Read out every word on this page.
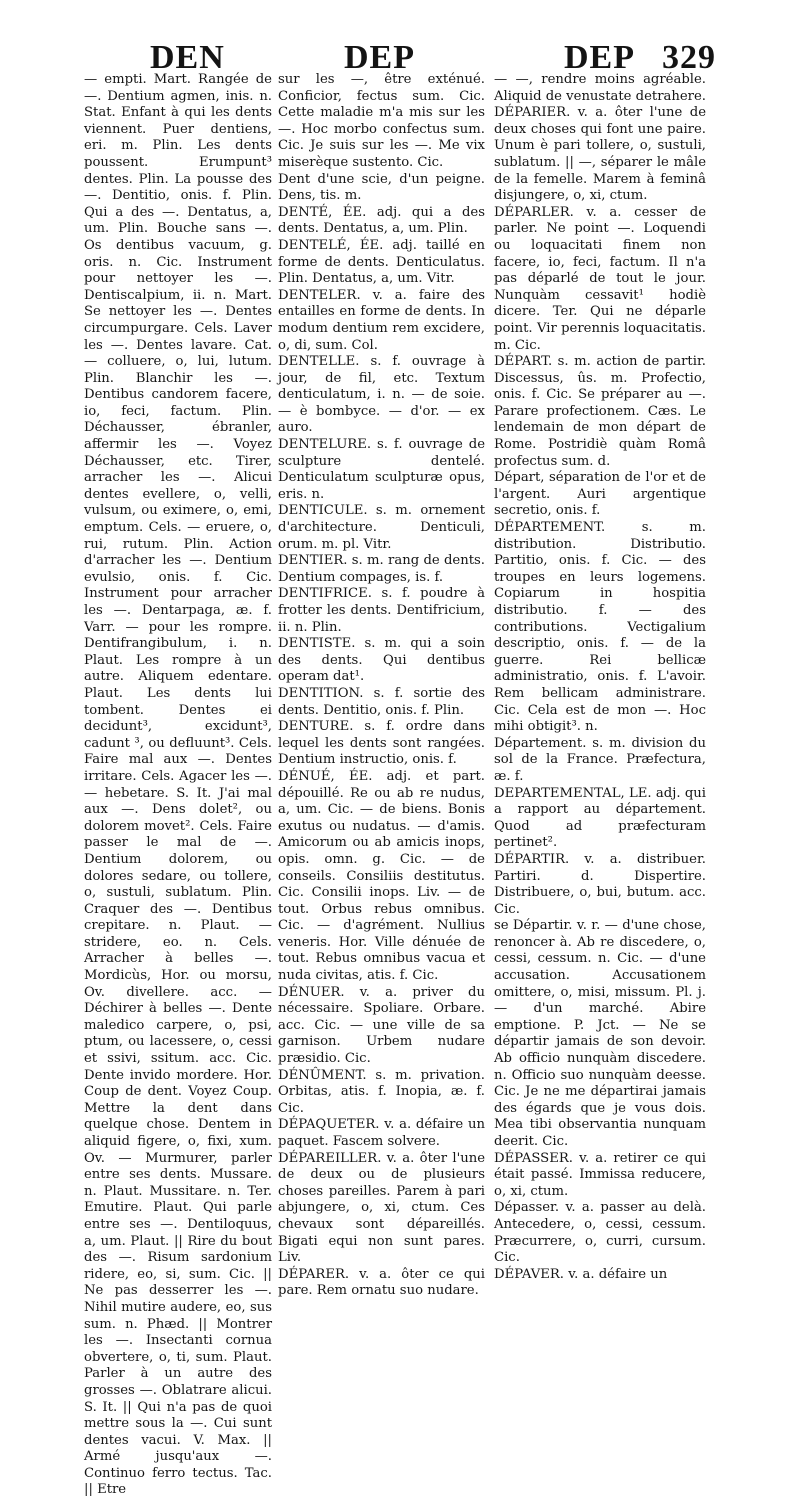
DEN	DEP	DEP 329

— empti. Mart. Rangée de —. Dentium agmen, inis. n. Stat. Enfant à qui les dents viennent. Puer dentiens, eri. m. Plin. Les dents poussent. Erumpunt³ dentes. Plin. La pousse des —. Dentitio, onis. f. Plin. Qui a des —. Dentatus, a, um. Plin. Bouche sans —. Os dentibus vacuum, g. oris. n. Cic. Instrument pour nettoyer les —. Dentiscalpium, ii. n. Mart. Se nettoyer les —. Dentes circumpurgare. Cels. Laver les —. Dentes lavare. Cat. — colluere, o, lui, lutum. Plin. Blanchir les —. Dentibus candorem facere, io, feci, factum. Plin. Déchausser, ébranler, affermir les —. Voyez Déchausser, etc. Tirer, arracher les —. Alicui dentes evellere, o, velli, vulsum, ou eximere, o, emi, emptum. Cels. — eruere, o, rui, rutum. Plin. Action d'arracher les —. Dentium evulsio, onis. f. Cic. Instrument pour arracher les —. Dentarpaga, æ. f. Varr. — pour les rompre. Dentifrangibulum, i. n. Plaut. Les rompre à un autre. Aliquem edentare. Plaut. Les dents lui tombent. Dentes ei decidunt³, excidunt³, cadunt ³, ou defluunt³. Cels. Faire mal aux —. Dentes irritare. Cels. Agacer les —. — hebetare. S. It. J'ai mal aux —. Dens dolet², ou dolorem movet². Cels. Faire passer le mal de —. Dentium dolorem, ou dolores sedare, ou tollere, o, sustuli, sublatum. Plin. Craquer des —. Dentibus crepitare. n. Plaut. — stridere, eo. n. Cels. Arracher à belles —. Mordicùs, Hor. ou morsu, Ov. divellere. acc. — Déchirer à belles —. Dente maledico carpere, o, psi, ptum, ou lacessere, o, cessi et ssivi, ssitum. acc. Cic. Dente invido mordere. Hor. Coup de dent. Voyez Coup. Mettre la dent dans quelque chose. Dentem in aliquid figere, o, fixi, xum. Ov. — Murmurer, parler entre ses dents. Mussare. n. Plaut. Mussitare. n. Ter. Emutire. Plaut. Qui parle entre ses —. Dentiloquus, a, um. Plaut. || Rire du bout des —. Risum sardonium ridere, eo, si, sum. Cic. || Ne pas desserrer les —. Nihil mutire audere, eo, sus sum. n. Phæd. || Montrer les —. Insectanti cornua obvertere, o, ti, sum. Plaut. Parler à un autre des grosses —. Oblatrare alicui. S. It. || Qui n'a pas de quoi mettre sous la —. Cui sunt dentes vacui. V. Max. || Armé jusqu'aux —. Continuo ferro tectus. Tac. || Etre

sur les —, être exténué. Conficior, fectus sum. Cic. Cette maladie m'a mis sur les —. Hoc morbo confectus sum. Cic. Je suis sur les —. Me vix miserèque sustento. Cic.

Dent d'une scie, d'un peigne. Dens, tis. m.

DENTÉ, ÉE. adj. qui a des dents. Dentatus, a, um. Plin.

DENTELÉ, ÉE. adj. taillé en forme de dents. Denticulatus. Plin. Dentatus, a, um. Vitr.

DENTELER. v. a. faire des entailles en forme de dents. In modum dentium rem excidere, o, di, sum. Col.

DENTELLE. s. f. ouvrage à jour, de fil, etc. Textum denticulatum, i. n. — de soie. — è bombyce. — d'or. — ex auro.

DENTELURE. s. f. ouvrage de sculpture dentelé. Denticulatum sculpturæ opus, eris. n.

DENTICULE. s. m. ornement d'architecture. Denticuli, orum. m. pl. Vitr.

DENTIER. s. m. rang de dents. Dentium compages, is. f.

DENTIFRICE. s. f. poudre à frotter les dents. Dentifricium, ii. n. Plin.

DENTISTE. s. m. qui a soin des dents. Qui dentibus operam dat¹.

DENTITION. s. f. sortie des dents. Dentitio, onis. f. Plin.

DENTURE. s. f. ordre dans lequel les dents sont rangées. Dentium instructio, onis. f.

DÉNUÉ, ÉE. adj. et part. dépouillé. Re ou ab re nudus, a, um. Cic. — de biens. Bonis exutus ou nudatus. — d'amis. Amicorum ou ab amicis inops, opis. omn. g. Cic. — de conseils. Consiliis destitutus. Cic. Consilii inops. Liv. — de tout. Orbus rebus omnibus. Cic. — d'agrément. Nullius veneris. Hor. Ville dénuée de tout. Rebus omnibus vacua et nuda civitas, atis. f. Cic.

DÉNUER. v. a. priver du nécessaire. Spoliare. Orbare. acc. Cic. — une ville de sa garnison. Urbem nudare præsidio. Cic.

DÉNÛMENT. s. m. privation. Orbitas, atis. f. Inopia, æ. f. Cic.

DÉPAQUETER. v. a. défaire un paquet. Fascem solvere.

DÉPAREILLER. v. a. ôter l'une de deux ou de plusieurs choses pareilles. Parem à pari abjungere, o, xi, ctum. Ces chevaux sont dépareillés. Bigati equi non sunt pares. Liv.

DÉPARER. v. a. ôter ce qui pare. Rem ornatu suo nudare.

— —, rendre moins agréable. Aliquid de venustate detrahere.

DÉPARIER. v. a. ôter l'une de deux choses qui font une paire. Unum è pari tollere, o, sustuli, sublatum. || —, séparer le mâle de la femelle. Marem à feminâ disjungere, o, xi, ctum.

DÉPARLER. v. a. cesser de parler. Ne point —. Loquendi ou loquacitati finem non facere, io, feci, factum. Il n'a pas déparlé de tout le jour. Nunquàm cessavit¹ hodiè dicere. Ter. Qui ne déparle point. Vir perennis loquacitatis. m. Cic.

DÉPART. s. m. action de partir. Discessus, ûs. m. Profectio, onis. f. Cic. Se préparer au —. Parare profectionem. Cæs. Le lendemain de mon départ de Rome. Postridiè quàm Româ profectus sum. d.

Départ, séparation de l'or et de l'argent. Auri argentique secretio, onis. f.

DÉPARTEMENT. s. m. distribution. Distributio. Partitio, onis. f. Cic. — des troupes en leurs logemens. Copiarum in hospitia distributio. f. — des contributions. Vectigalium descriptio, onis. f. — de la guerre. Rei bellicæ administratio, onis. f. L'avoir. Rem bellicam administrare. Cic. Cela est de mon —. Hoc mihi obtigit³. n.

Département. s. m. division du sol de la France. Præfectura, æ. f.

DEPARTEMENTAL, LE. adj. qui a rapport au département. Quod ad præfecturam pertinet².

DÉPARTIR. v. a. distribuer. Partiri. d. Dispertire. Distribuere, o, bui, butum. acc. Cic.

se Départir. v. r. — d'une chose, renoncer à. Ab re discedere, o, cessi, cessum. n. Cic. — d'une accusation. Accusationem omittere, o, misi, missum. Pl. j. — d'un marché. Abire emptione. P. Jct. — Ne se départir jamais de son devoir. Ab officio nunquàm discedere. n. Officio suo nunquàm deesse. Cic. Je ne me départirai jamais des égards que je vous dois. Mea tibi observantia nunquam deerit. Cic.

DÉPASSER. v. a. retirer ce qui était passé. Immissa reducere, o, xi, ctum.

Dépasser. v. a. passer au delà. Antecedere, o, cessi, cessum. Præcurrere, o, curri, cursum. Cic.

DÉPAVER. v. a. défaire un
